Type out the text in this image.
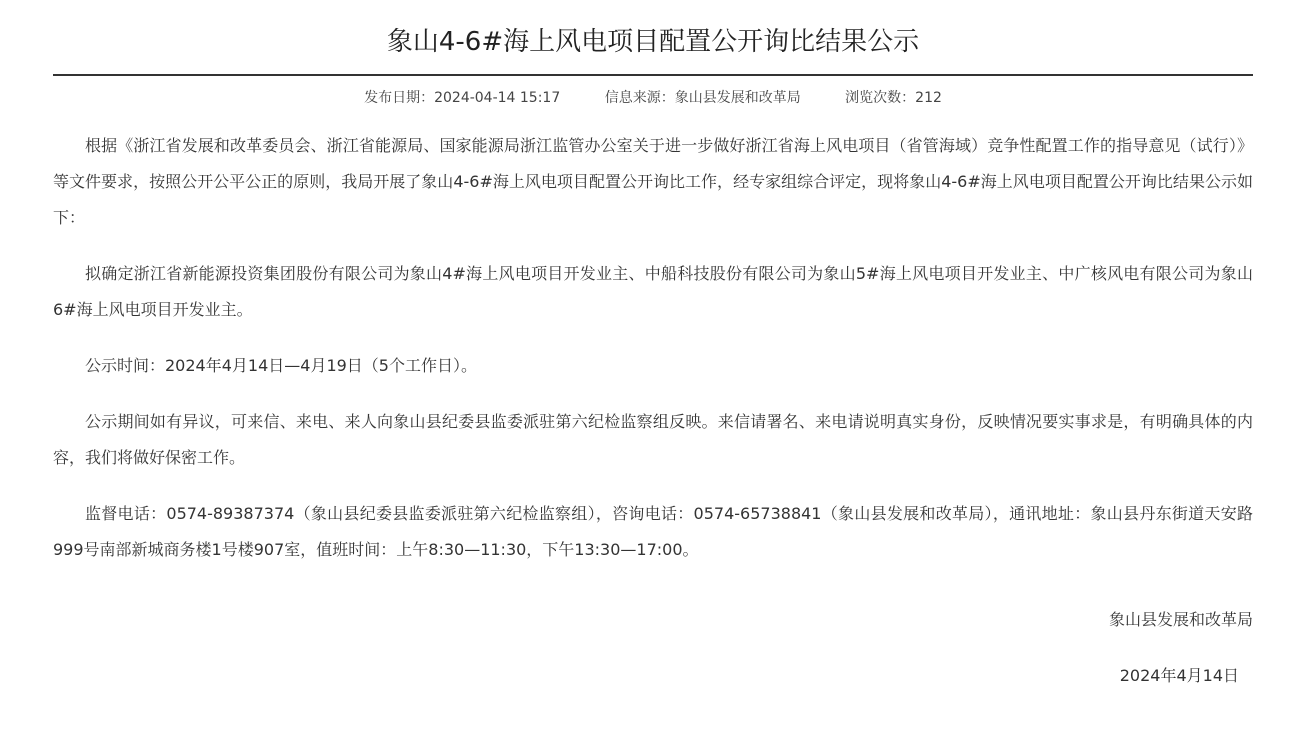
象山4-6#海上风电项目配置公开询比结果公示
发布日期：2024-04-14 15:17	信息来源：象山县发展和改革局	浏览次数：212

根据《浙江省发展和改革委员会、浙江省能源局、国家能源局浙江监管办公室关于进一步做好浙江省海上风电项目（省管海域）竞争性配置工作的指导意见（试行）》等文件要求，按照公开公平公正的原则，我局开展了象山4-6#海上风电项目配置公开询比工作，经专家组综合评定，现将象山4-6#海上风电项目配置公开询比结果公示如下：

拟确定浙江省新能源投资集团股份有限公司为象山4#海上风电项目开发业主、中船科技股份有限公司为象山5#海上风电项目开发业主、中广核风电有限公司为象山6#海上风电项目开发业主。

公示时间：2024年4月14日—4月19日（5个工作日）。

公示期间如有异议，可来信、来电、来人向象山县纪委县监委派驻第六纪检监察组反映。来信请署名、来电请说明真实身份，反映情况要实事求是，有明确具体的内容，我们将做好保密工作。

监督电话：0574-89387374（象山县纪委县监委派驻第六纪检监察组），咨询电话：0574-65738841（象山县发展和改革局），通讯地址：象山县丹东街道天安路999号南部新城商务楼1号楼907室，值班时间：上午8:30—11:30，下午13:30—17:00。

象山县发展和改革局
2024年4月14日
